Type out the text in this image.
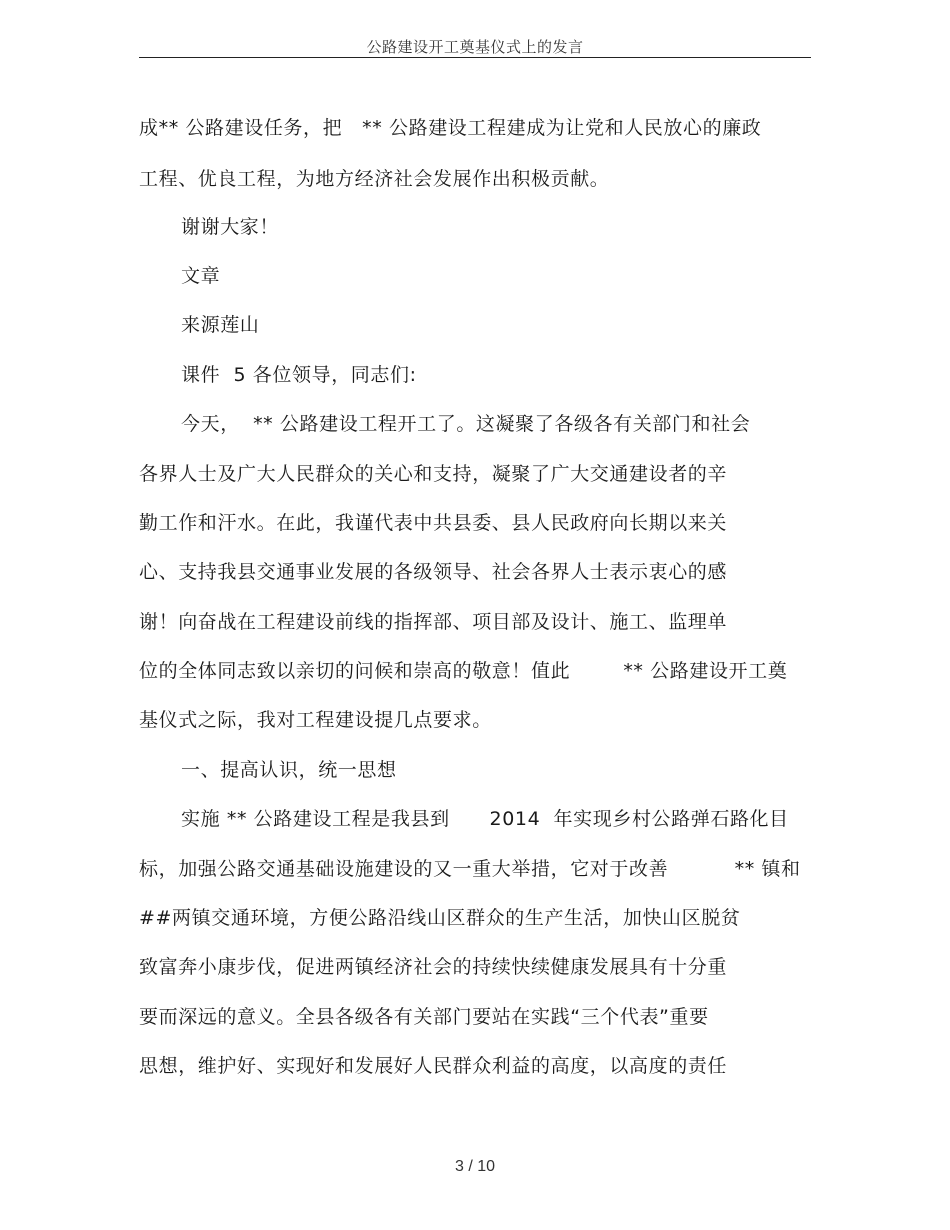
公路建设开工奠基仪式上的发言
成** 公路建设任务，把   ** 公路建设工程建成为让党和人民放心的廉政
工程、优良工程，为地方经济社会发展作出积极贡献。
谢谢大家！
文章
来源莲山
课件  5 各位领导，同志们:
今天，  ** 公路建设工程开工了。这凝聚了各级各有关部门和社会
各界人士及广大人民群众的关心和支持，凝聚了广大交通建设者的辛
勤工作和汗水。在此，我谨代表中共县委、县人民政府向长期以来关
心、支持我县交通事业发展的各级领导、社会各界人士表示衷心的感
谢！向奋战在工程建设前线的指挥部、项目部及设计、施工、监理单
位的全体同志致以亲切的问候和崇高的敬意！值此        ** 公路建设开工奠
基仪式之际，我对工程建设提几点要求。
一、提高认识，统一思想
实施 ** 公路建设工程是我县到      2014  年实现乡村公路弹石路化目
标，加强公路交通基础设施建设的又一重大举措，它对于改善          ** 镇和
##两镇交通环境，方便公路沿线山区群众的生产生活，加快山区脱贫
致富奔小康步伐，促进两镇经济社会的持续快续健康发展具有十分重
要而深远的意义。全县各级各有关部门要站在实践“三个代表”重要
思想，维护好、实现好和发展好人民群众利益的高度，以高度的责任
3 / 10
